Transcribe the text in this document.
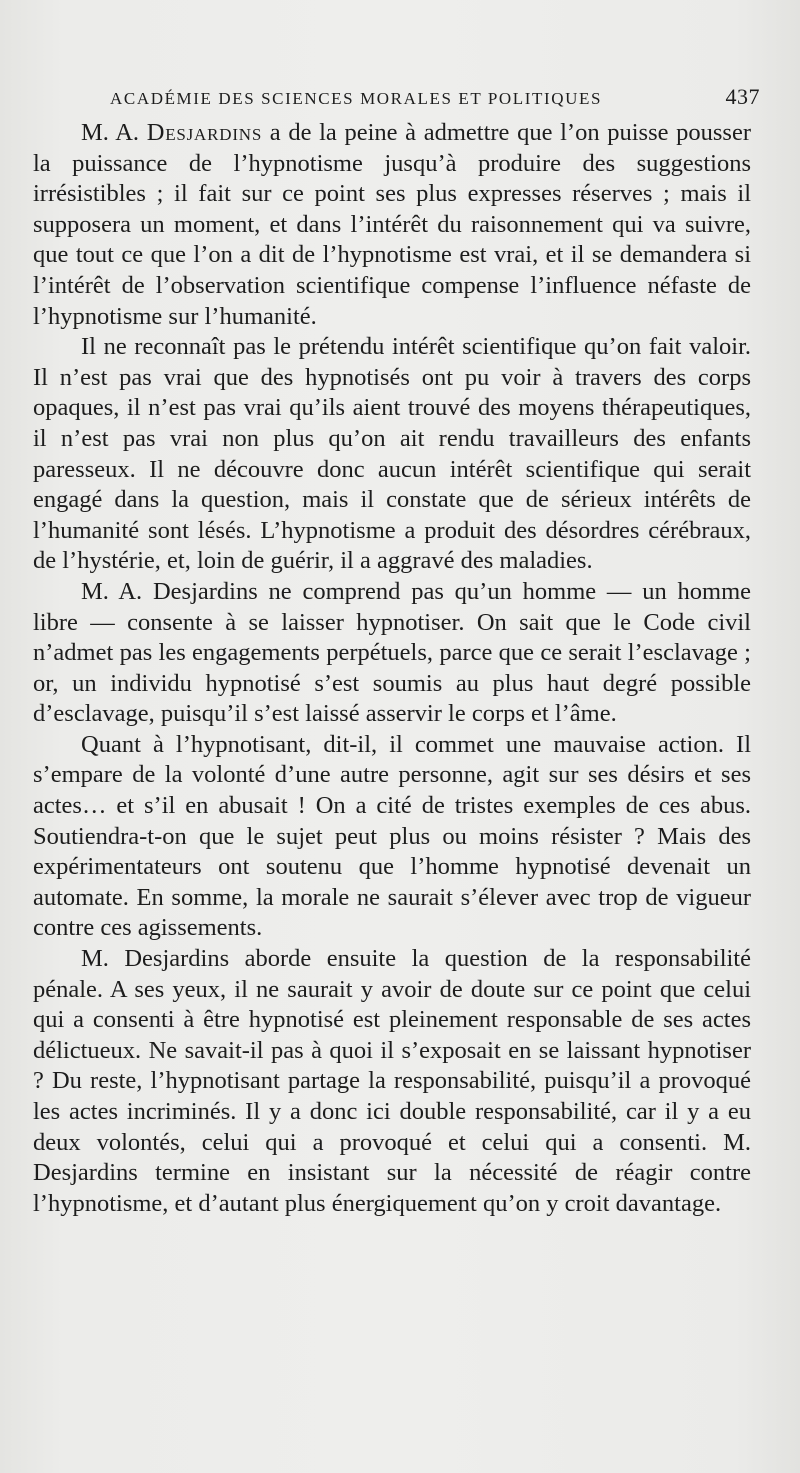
ACADÉMIE DES SCIENCES MORALES ET POLITIQUES	437

M. A. Desjardins a de la peine à admettre que l’on puisse pousser la puissance de l’hypnotisme jusqu’à produire des suggestions irrésistibles ; il fait sur ce point ses plus expresses réserves ; mais il supposera un moment, et dans l’intérêt du raisonnement qui va suivre, que tout ce que l’on a dit de l’hypnotisme est vrai, et il se demandera si l’intérêt de l’observation scientifique compense l’influence néfaste de l’hypnotisme sur l’humanité.

Il ne reconnaît pas le prétendu intérêt scientifique qu’on fait valoir. Il n’est pas vrai que des hypnotisés ont pu voir à travers des corps opaques, il n’est pas vrai qu’ils aient trouvé des moyens thérapeutiques, il n’est pas vrai non plus qu’on ait rendu travailleurs des enfants paresseux. Il ne découvre donc aucun intérêt scientifique qui serait engagé dans la question, mais il constate que de sérieux intérêts de l’humanité sont lésés. L’hypnotisme a produit des désordres cérébraux, de l’hystérie, et, loin de guérir, il a aggravé des maladies.

M. A. Desjardins ne comprend pas qu’un homme — un homme libre — consente à se laisser hypnotiser. On sait que le Code civil n’admet pas les engagements perpétuels, parce que ce serait l’esclavage ; or, un individu hypnotisé s’est soumis au plus haut degré possible d’esclavage, puisqu’il s’est laissé asservir le corps et l’âme.

Quant à l’hypnotisant, dit-il, il commet une mauvaise action. Il s’empare de la volonté d’une autre personne, agit sur ses désirs et ses actes… et s’il en abusait ! On a cité de tristes exemples de ces abus. Soutiendra-t-on que le sujet peut plus ou moins résister ? Mais des expérimentateurs ont soutenu que l’homme hypnotisé devenait un automate. En somme, la morale ne saurait s’élever avec trop de vigueur contre ces agissements.

M. Desjardins aborde ensuite la question de la responsabilité pénale. A ses yeux, il ne saurait y avoir de doute sur ce point que celui qui a consenti à être hypnotisé est pleinement responsable de ses actes délictueux. Ne savait-il pas à quoi il s’exposait en se laissant hypnotiser ? Du reste, l’hypnotisant partage la responsabilité, puisqu’il a provoqué les actes incriminés. Il y a donc ici double responsabilité, car il y a eu deux volontés, celui qui a provoqué et celui qui a consenti. M. Desjardins termine en insistant sur la nécessité de réagir contre l’hypnotisme, et d’autant plus énergiquement qu’on y croit davantage.
